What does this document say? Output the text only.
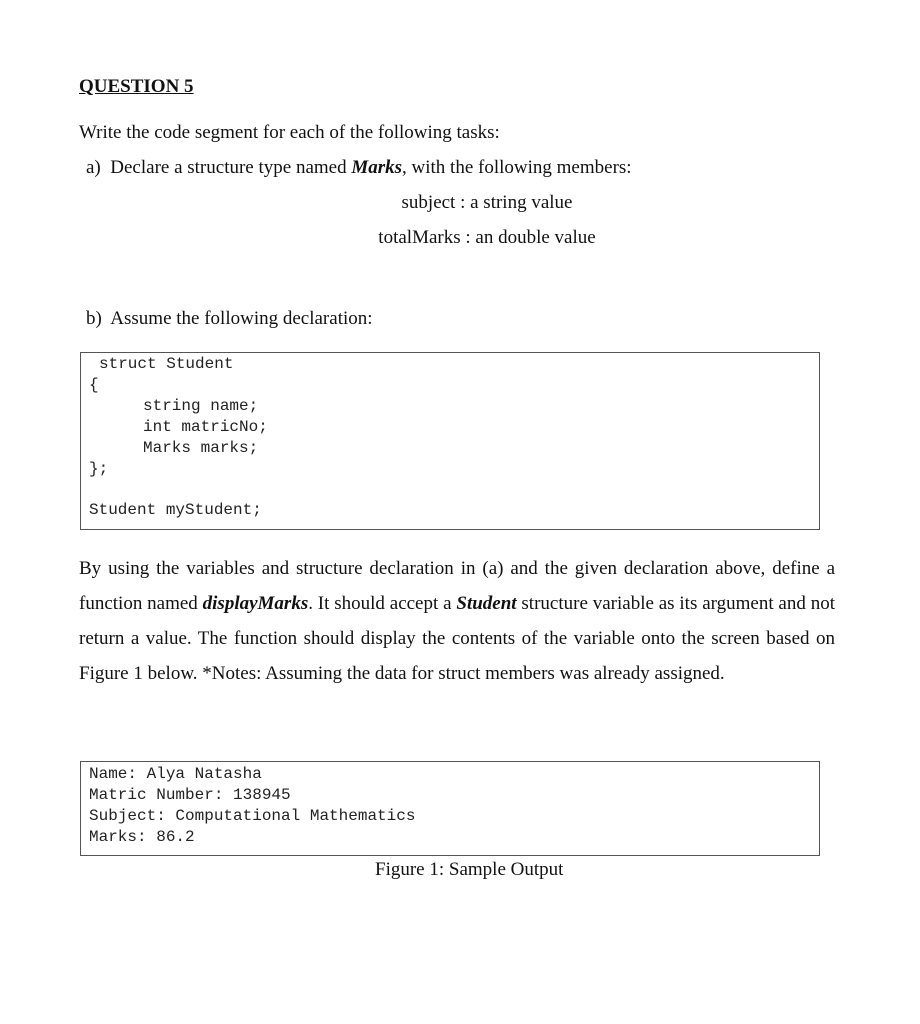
QUESTION 5
Write the code segment for each of the following tasks:
a) Declare a structure type named Marks, with the following members:
subject : a string value
totalMarks : an double value
b) Assume the following declaration:
struct Student
{
string name;
int matricNo;
Marks marks;
};
Student myStudent;
By using the variables and structure declaration in (a) and the given declaration above, define a function named displayMarks. It should accept a Student structure variable as its argument and not return a value. The function should display the contents of the variable onto the screen based on Figure 1 below. *Notes: Assuming the data for struct members was already assigned.
Name: Alya Natasha
Matric Number: 138945
Subject: Computational Mathematics
Marks: 86.2
Figure 1: Sample Output
